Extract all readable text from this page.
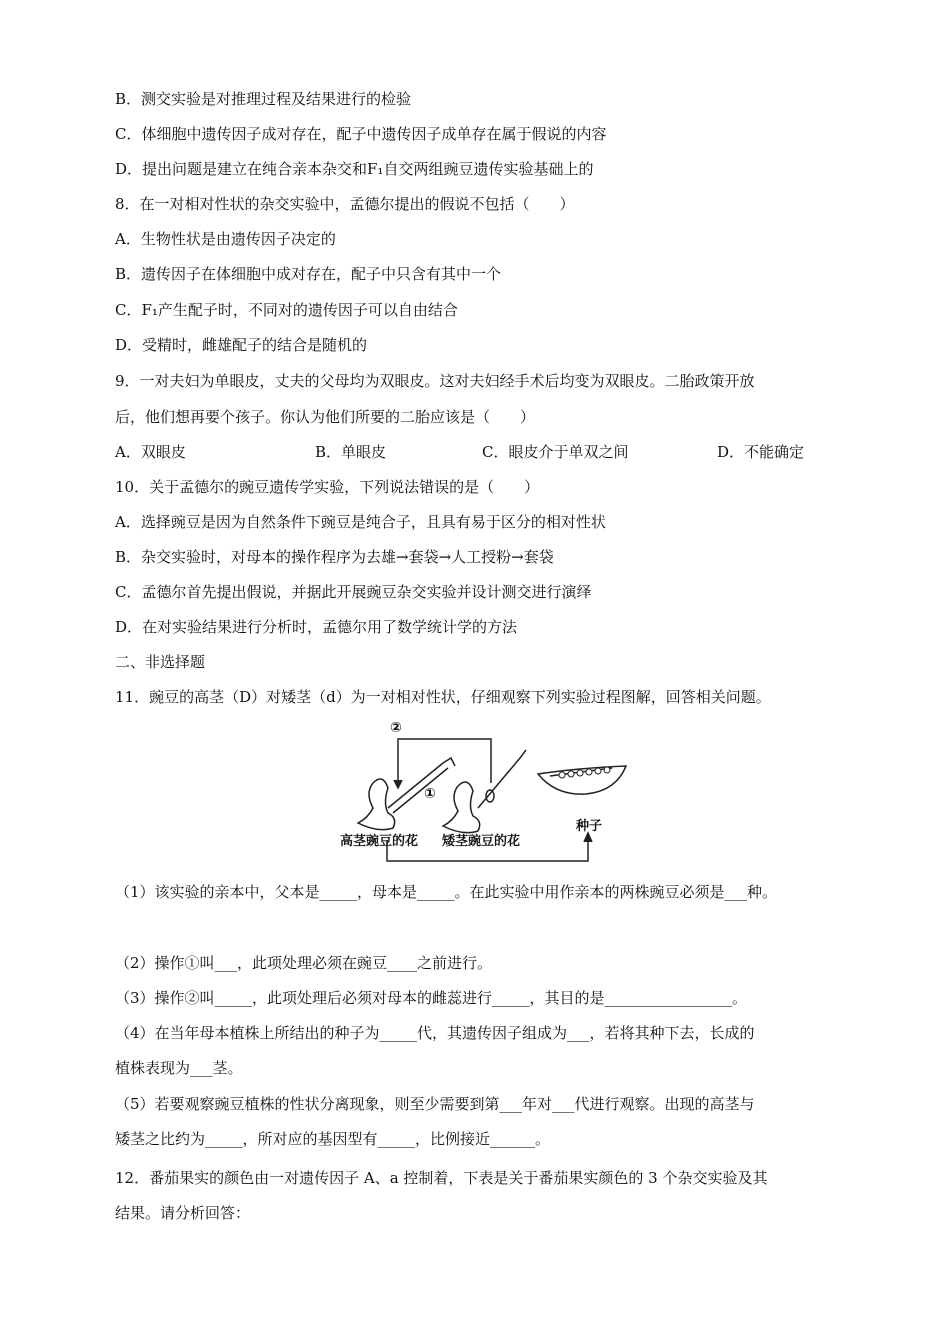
B．测交实验是对推理过程及结果进行的检验
C．体细胞中遗传因子成对存在，配子中遗传因子成单存在属于假说的内容
D．提出问题是建立在纯合亲本杂交和F₁自交两组豌豆遗传实验基础上的
8．在一对相对性状的杂交实验中，孟德尔提出的假说不包括（　　）
A．生物性状是由遗传因子决定的
B．遗传因子在体细胞中成对存在，配子中只含有其中一个
C．F₁产生配子时，不同对的遗传因子可以自由结合
D．受精时，雌雄配子的结合是随机的
9．一对夫妇为单眼皮，丈夫的父母均为双眼皮。这对夫妇经手术后均变为双眼皮。二胎政策开放
后，他们想再要个孩子。你认为他们所要的二胎应该是（　　）
A．双眼皮	B．单眼皮	C．眼皮介于单双之间	D．不能确定
10．关于孟德尔的豌豆遗传学实验，下列说法错误的是（　　）
A．选择豌豆是因为自然条件下豌豆是纯合子，且具有易于区分的相对性状
B．杂交实验时，对母本的操作程序为去雄→套袋→人工授粉→套袋
C．孟德尔首先提出假说，并据此开展豌豆杂交实验并设计测交进行演绎
D．在对实验结果进行分析时，孟德尔用了数学统计学的方法
二、非选择题
11．豌豆的高茎（D）对矮茎（d）为一对相对性状，仔细观察下列实验过程图解，回答相关问题。
②
①
高茎豌豆的花 矮茎豌豆的花
种子
（1）该实验的亲本中，父本是_____，母本是_____。在此实验中用作亲本的两株豌豆必须是___种。
（2）操作①叫___，此项处理必须在豌豆____之前进行。
（3）操作②叫_____，此项处理后必须对母本的雌蕊进行_____，其目的是_________________。
（4）在当年母本植株上所结出的种子为_____代，其遗传因子组成为___，若将其种下去，长成的
植株表现为___茎。
（5）若要观察豌豆植株的性状分离现象，则至少需要到第___年对___代进行观察。出现的高茎与
矮茎之比约为_____，所对应的基因型有_____，比例接近______。
12．番茄果实的颜色由一对遗传因子 A、a 控制着，下表是关于番茄果实颜色的 3 个杂交实验及其
结果。请分析回答：
